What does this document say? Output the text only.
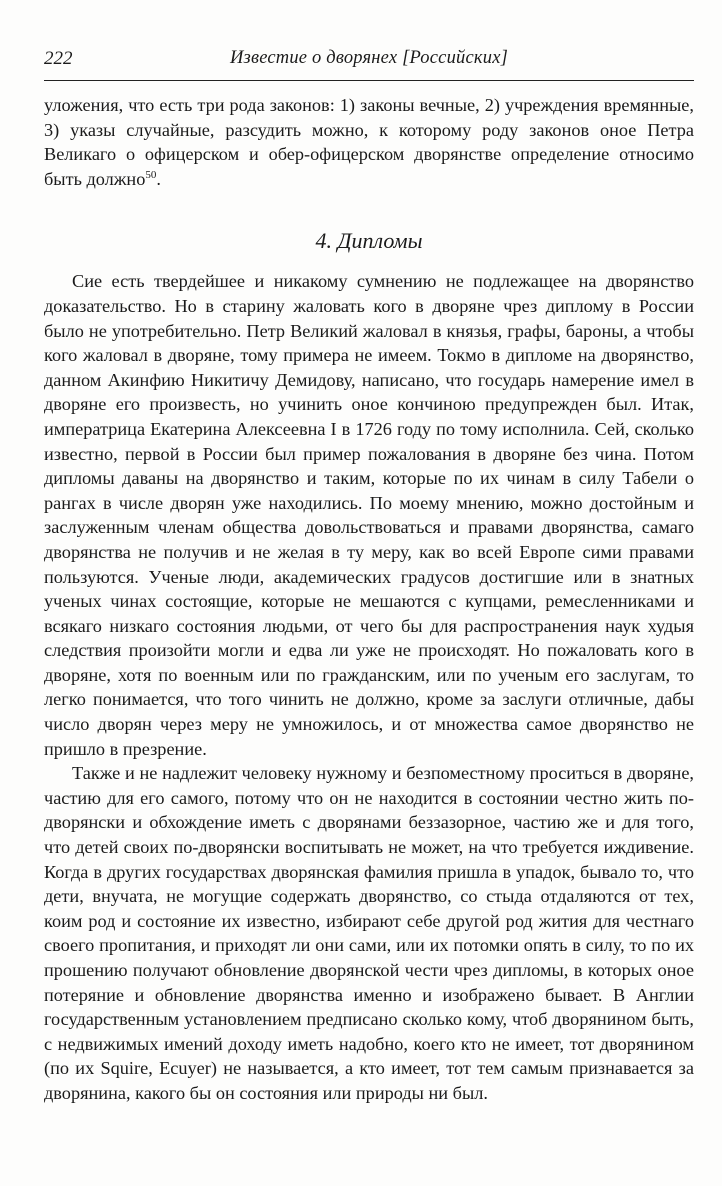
222	Известие о дворянех [Российских]

уложения, что есть три рода законов: 1) законы вечные, 2) учреждения времянные, 3) указы случайные, разсудить можно, к которому роду законов оное Петра Великаго о офицерском и обер-офицерском дворянстве определение относимо быть должно$^{50}$.

4. Дипломы

Сие есть твердейшее и никакому сумнению не подлежащее на дворянство доказательство. Но в старину жаловать кого в дворяне чрез диплому в России было не употребительно. Петр Великий жаловал в князья, графы, бароны, а чтобы кого жаловал в дворяне, тому примера не имеем. Токмо в дипломе на дворянство, данном Акинфию Никитичу Демидову, написано, что государь намерение имел в дворяне его произвесть, но учинить оное кончиною предупрежден был. Итак, императрица Екатерина Алексеевна I в 1726 году по тому исполнила. Сей, сколько известно, первой в России был пример пожалования в дворяне без чина. Потом дипломы даваны на дворянство и таким, которые по их чинам в силу Табели о рангах в числе дворян уже находились. По моему мнению, можно достойным и заслуженным членам общества довольствоваться и правами дворянства, самаго дворянства не получив и не желая в ту меру, как во всей Европе сими правами пользуются. Ученые люди, академических градусов достигшие или в знатных ученых чинах состоящие, которые не мешаются с купцами, ремесленниками и всякаго низкаго состояния людьми, от чего бы для распространения наук худыя следствия произойти могли и едва ли уже не происходят. Но пожаловать кого в дворяне, хотя по военным или по гражданским, или по ученым его заслугам, то легко понимается, что того чинить не должно, кроме за заслуги отличные, дабы число дворян через меру не умножилось, и от множества самое дворянство не пришло в презрение.

Также и не надлежит человеку нужному и безпоместному проситься в дворяне, частию для его самого, потому что он не находится в состоянии честно жить по-дворянски и обхождение иметь с дворянами беззазорное, частию же и для того, что детей своих по-дворянски воспитывать не может, на что требуется иждивение. Когда в других государствах дворянская фамилия пришла в упадок, бывало то, что дети, внучата, не могущие содержать дворянство, со стыда отдаляются от тех, коим род и состояние их известно, избирают себе другой род жития для честнаго своего пропитания, и приходят ли они сами, или их потомки опять в силу, то по их прошению получают обновление дворянской чести чрез дипломы, в которых оное потеряние и обновление дворянства именно и изображено бывает. В Англии государственным установлением предписано сколько кому, чтоб дворянином быть, с недвижимых имений доходу иметь надобно, коего кто не имеет, тот дворянином (по их Squire, Ecuyer) не называется, а кто имеет, тот тем самым признавается за дворянина, какого бы он состояния или природы ни был.
